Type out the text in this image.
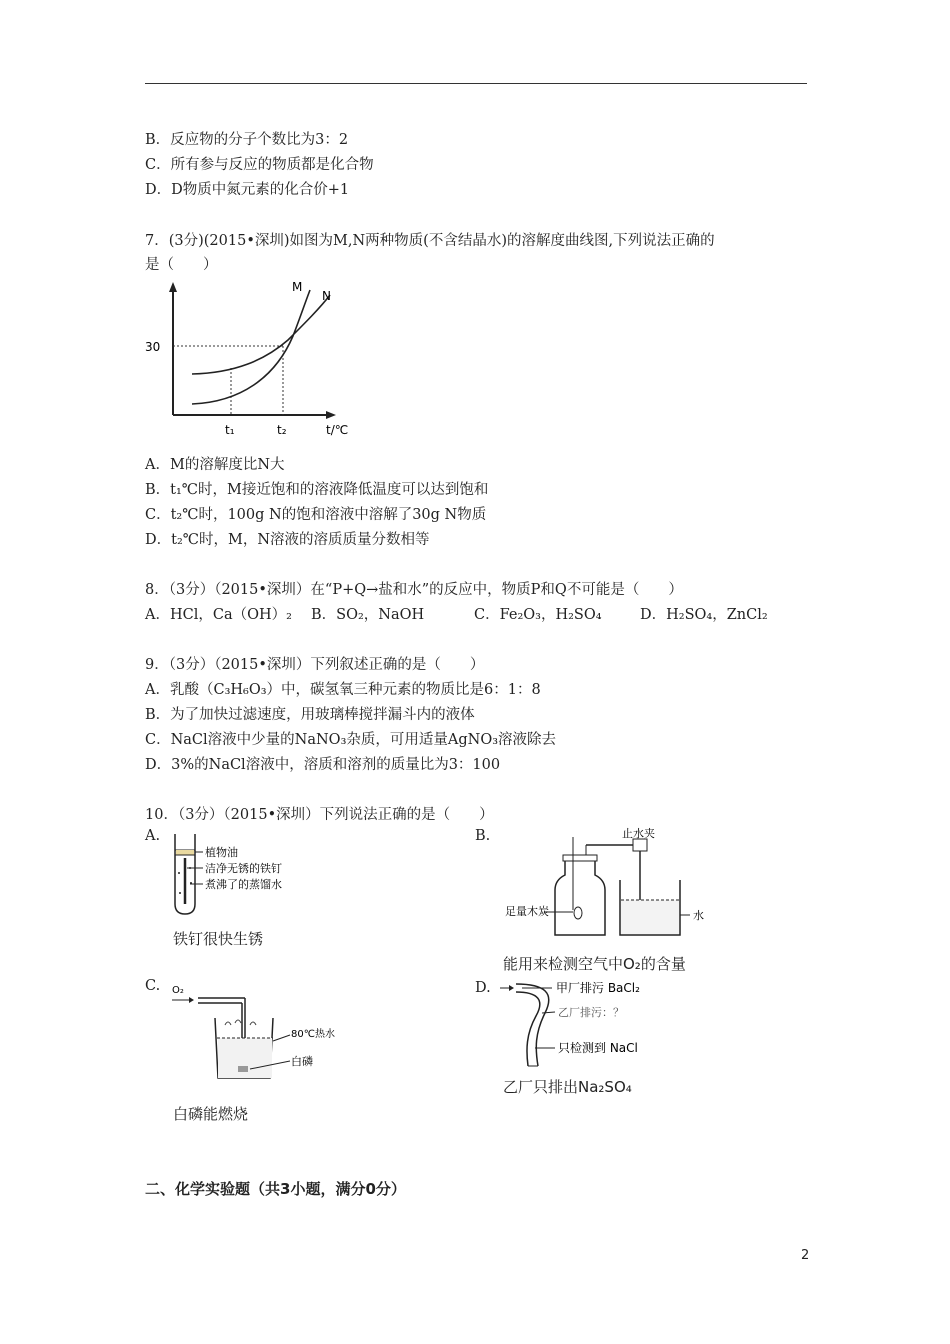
B．反应物的分子个数比为3：2
C．所有参与反应的物质都是化合物
D．D物质中氮元素的化合价+1
7．(3分)(2015•深圳)如图为M,N两种物质(不含结晶水)的溶解度曲线图,下列说法正确的
是（　　）
30
M
N
t₁	t₂	t/℃
A．M的溶解度比N大
B．t₁℃时，M接近饱和的溶液降低温度可以达到饱和
C．t₂℃时，100g N的饱和溶液中溶解了30g N物质
D．t₂℃时，M，N溶液的溶质质量分数相等
8．（3分）（2015•深圳）在“P+Q→盐和水”的反应中，物质P和Q不可能是（　　）
A．HCl，Ca（OH）₂ B．SO₂，NaOH	C．Fe₂O₃，H₂SO₄	D．H₂SO₄，ZnCl₂
9．（3分）（2015•深圳）下列叙述正确的是（　　）
A．乳酸（C₃H₆O₃）中，碳氢氧三种元素的物质比是6：1：8
B．为了加快过滤速度，用玻璃棒搅拌漏斗内的液体
C．NaCl溶液中少量的NaNO₃杂质，可用适量AgNO₃溶液除去
D．3%的NaCl溶液中，溶质和溶剂的质量比为3：100
10．（3分）（2015•深圳）下列说法正确的是（　　）
A.
植物油
洁净无锈的铁钉
煮沸了的蒸馏水
铁钉很快生锈
B.	止水夹
足量木炭	水
能用来检测空气中O₂的含量
C. O₂
80℃热水
白磷
白磷能燃烧
D.	甲厂排污 BaCl₂
乙厂排污：？
只检测到 NaCl
乙厂只排出Na₂SO₄
二、化学实验题（共3小题，满分0分）
2
